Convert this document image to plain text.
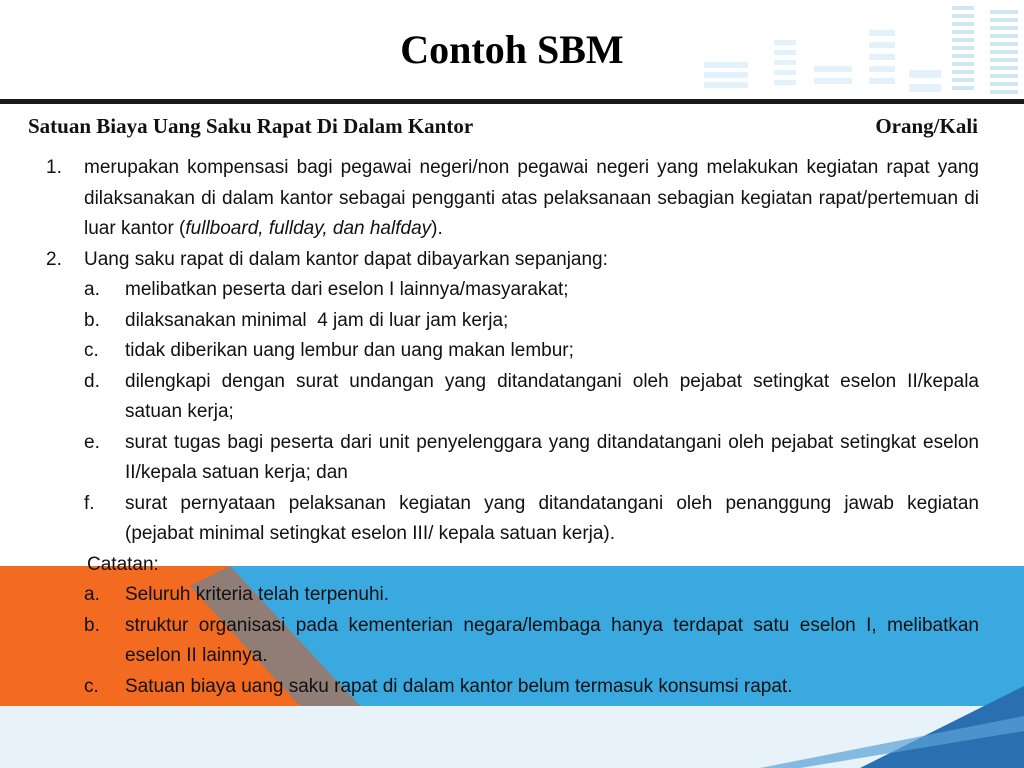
Contoh SBM
Satuan Biaya Uang Saku Rapat Di Dalam Kantor	Orang/Kali
1. merupakan kompensasi bagi pegawai negeri/non pegawai negeri yang melakukan kegiatan rapat yang dilaksanakan di dalam kantor sebagai pengganti atas pelaksanaan sebagian kegiatan rapat/pertemuan di luar kantor (fullboard, fullday, dan halfday).
2. Uang saku rapat di dalam kantor dapat dibayarkan sepanjang:
a. melibatkan peserta dari eselon I lainnya/masyarakat;
b. dilaksanakan minimal  4 jam di luar jam kerja;
c. tidak diberikan uang lembur dan uang makan lembur;
d. dilengkapi dengan surat undangan yang ditandatangani oleh pejabat setingkat eselon II/kepala satuan kerja;
e. surat tugas bagi peserta dari unit penyelenggara yang ditandatangani oleh pejabat setingkat eselon II/kepala satuan kerja; dan
f. surat pernyataan pelaksanan kegiatan yang ditandatangani oleh penanggung jawab kegiatan (pejabat minimal setingkat eselon III/ kepala satuan kerja).
Catatan:
a. Seluruh kriteria telah terpenuhi.
b. struktur organisasi pada kementerian negara/lembaga hanya terdapat satu eselon I, melibatkan eselon II lainnya.
c. Satuan biaya uang saku rapat di dalam kantor belum termasuk konsumsi rapat.
